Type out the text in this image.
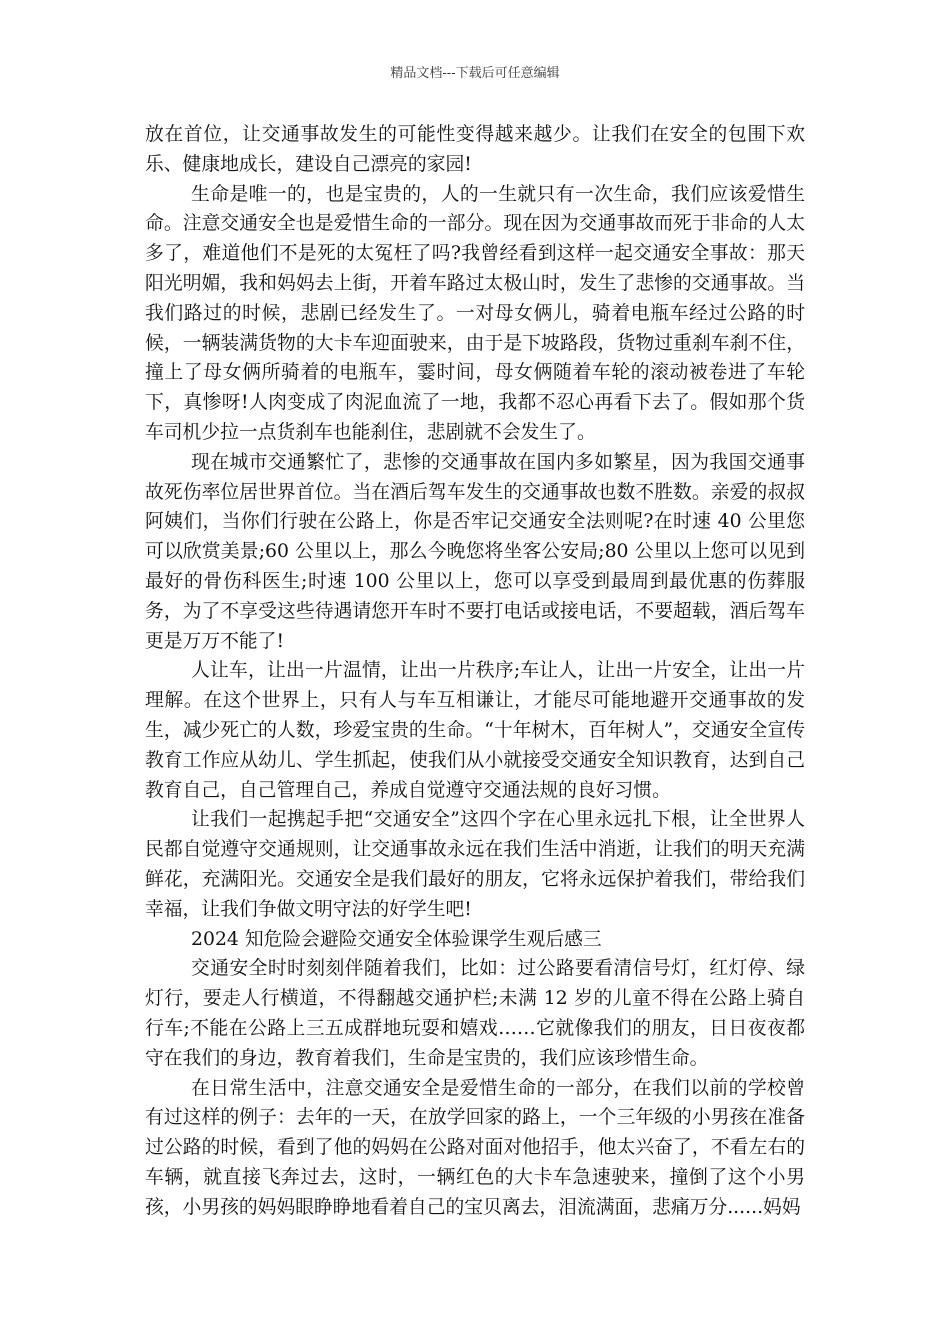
精品文档---下载后可任意编辑

放在首位，让交通事故发生的可能性变得越来越少。让我们在安全的包围下欢乐、健康地成长，建设自己漂亮的家园!

生命是唯一的，也是宝贵的，人的一生就只有一次生命，我们应该爱惜生命。注意交通安全也是爱惜生命的一部分。现在因为交通事故而死于非命的人太多了，难道他们不是死的太冤枉了吗?我曾经看到这样一起交通安全事故：那天阳光明媚，我和妈妈去上街，开着车路过太极山时，发生了悲惨的交通事故。当我们路过的时候，悲剧已经发生了。一对母女俩儿，骑着电瓶车经过公路的时候，一辆装满货物的大卡车迎面驶来，由于是下坡路段，货物过重刹车刹不住，撞上了母女俩所骑着的电瓶车，霎时间，母女俩随着车轮的滚动被卷进了车轮下，真惨呀!人肉变成了肉泥血流了一地，我都不忍心再看下去了。假如那个货车司机少拉一点货刹车也能刹住，悲剧就不会发生了。

现在城市交通繁忙了，悲惨的交通事故在国内多如繁星，因为我国交通事故死伤率位居世界首位。当在酒后驾车发生的交通事故也数不胜数。亲爱的叔叔阿姨们，当你们行驶在公路上，你是否牢记交通安全法则呢?在时速 40 公里您可以欣赏美景;60 公里以上，那么今晚您将坐客公安局;80 公里以上您可以见到最好的骨伤科医生;时速 100 公里以上，您可以享受到最周到最优惠的伤葬服务，为了不享受这些待遇请您开车时不要打电话或接电话，不要超载，酒后驾车更是万万不能了!

人让车，让出一片温情，让出一片秩序;车让人，让出一片安全，让出一片理解。在这个世界上，只有人与车互相谦让，才能尽可能地避开交通事故的发生，减少死亡的人数，珍爱宝贵的生命。“十年树木，百年树人”，交通安全宣传教育工作应从幼儿、学生抓起，使我们从小就接受交通安全知识教育，达到自己教育自己，自己管理自己，养成自觉遵守交通法规的良好习惯。

让我们一起携起手把“交通安全”这四个字在心里永远扎下根，让全世界人民都自觉遵守交通规则，让交通事故永远在我们生活中消逝，让我们的明天充满鲜花，充满阳光。交通安全是我们最好的朋友，它将永远保护着我们，带给我们幸福，让我们争做文明守法的好学生吧!

2024 知危险会避险交通安全体验课学生观后感三

交通安全时时刻刻伴随着我们，比如：过公路要看清信号灯，红灯停、绿灯行，要走人行横道，不得翻越交通护栏;未满 12 岁的儿童不得在公路上骑自行车;不能在公路上三五成群地玩耍和嬉戏……它就像我们的朋友，日日夜夜都守在我们的身边，教育着我们，生命是宝贵的，我们应该珍惜生命。

在日常生活中，注意交通安全是爱惜生命的一部分，在我们以前的学校曾有过这样的例子：去年的一天，在放学回家的路上，一个三年级的小男孩在准备过公路的时候，看到了他的妈妈在公路对面对他招手，他太兴奋了，不看左右的车辆，就直接飞奔过去，这时，一辆红色的大卡车急速驶来，撞倒了这个小男孩，小男孩的妈妈眼睁睁地看着自己的宝贝离去，泪流满面，悲痛万分......妈妈
